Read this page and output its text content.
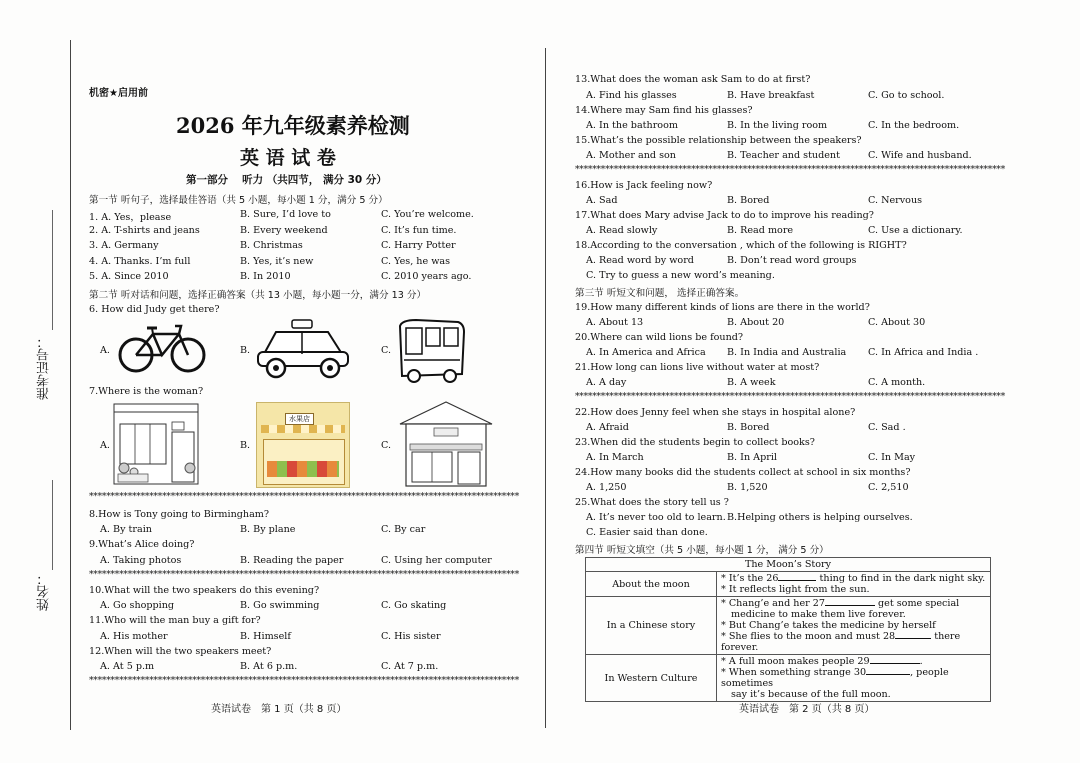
准考证号：
姓名：
机密★启用前
2026 年九年级素养检测
英 语 试 卷
第一部分　 听力 （共四节， 满分 30 分）
第一节 听句子，选择最佳答语（共 5 小题，每小题 1 分，满分 5 分）
1. A. Yes，please	B. Sure, I’d love to	C. You’re welcome.
2. A. T-shirts and jeans	B. Every weekend	C. It’s fun time.
3. A. Germany	B. Christmas	C. Harry Potter
4. A. Thanks. I’m full	B. Yes, it’s new	C. Yes, he was
5. A. Since 2010	B. In 2010	C. 2010 years ago.
第二节 听对话和问题，选择正确答案（共 13 小题，每小题一分，满分 13 分）
6. How did Judy get there?
A.	B.	C.
7.Where is the woman?
A.	B.
水果店
C.
****************************************************************************************************
8.How is Tony going to Birmingham?
A. By train	B. By plane	C. By car
9.What’s Alice doing?
A. Taking photos	B. Reading the paper	C. Using her computer
****************************************************************************************************
10.What will the two speakers do this evening?
A. Go shopping	B. Go swimming	C. Go skating
11.Who will the man buy a gift for?
A. His mother	B. Himself	C. His sister
12.When will the two speakers meet?
A. At 5 p.m	B. At 6 p.m.	C. At 7 p.m.
****************************************************************************************************
英语试卷　第 1 页（共 8 页）
13.What does the woman ask Sam to do at first?
A. Find his glasses	B. Have breakfast	C. Go to school.
14.Where may Sam find his glasses?
A. In the bathroom	B. In the living room	C. In the bedroom.
15.What’s the possible relationship between the speakers?
A. Mother and son	B. Teacher and student	C. Wife and husband.
****************************************************************************************************
16.How is Jack feeling now?
A. Sad	B. Bored	C. Nervous
17.What does Mary advise Jack to do to improve his reading?
A. Read slowly	B. Read more	C. Use a dictionary.
18.According to the conversation , which of the following is RIGHT?
A. Read word by word	B. Don’t read word groups
C. Try to guess a new word’s meaning.
第三节 听短文和问题， 选择正确答案。
19.How many different kinds of lions are there in the world?
A. About 13	B. About 20	C. About 30
20.Where can wild lions be found?
A. In America and Africa B. In India and Australia C. In Africa and India .
21.How long can lions live without water at most?
A. A day	B. A week	C. A month.
****************************************************************************************************
22.How does Jenny feel when she stays in hospital alone?
A. Afraid	B. Bored	C. Sad .
23.When did the students begin to collect books?
A. In March	B. In April	C. In May
24.How many books did the students collect at school in six months?
A. 1,250	B. 1,520	C. 2,510
25.What does the story tell us ?
A. It’s never too old to learn. B.Helping others is helping ourselves.
C. Easier said than done.
第四节 听短文填空（共 5 小题，每小题 1 分， 满分 5 分）
The Moon’s Story	
About the moon	* It’s the 26 thing to find in the dark night sky.
* It reflects light from the sun.

In a Chinese story	* Chang’e and her 27 get some special
medicine to make them live forever.
* But Chang’e takes the medicine by herself
* She flies to the moon and must 28 there forever.

In Western Culture	* A full moon makes people 29 .
* When something strange 30 , people sometimes
say it’s because of the full moon.
英语试卷　第 2 页（共 8 页）
